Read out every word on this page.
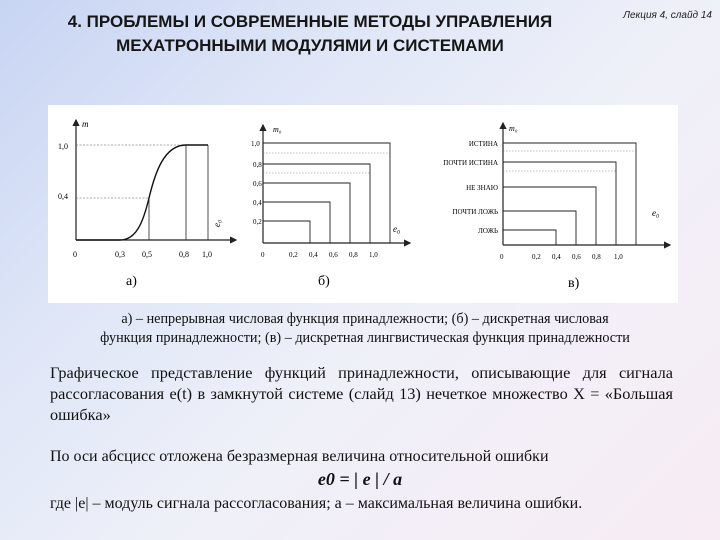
4. ПРОБЛЕМЫ И СОВРЕМЕННЫЕ МЕТОДЫ УПРАВЛЕНИЯ
МЕХАТРОННЫМИ МОДУЛЯМИ И СИСТЕМАМИ
Лекция 4, слайд 14
m
e₀
1,0
0,4
0	0,3 0,5	0,8 1,0
а)
m₀
e₀
1,0
0,8
0,6
0,4
0,2
0	0,2 0,4 0,6 0,8 1,0
б)
m₀
e₀
ИСТИНА
ПОЧТИ ИСТИНА
НЕ ЗНАЮ
ПОЧТИ ЛОЖЬ
ЛОЖЬ
0	0,2 0,4 0,6 0,8 1,0
в)
а) – непрерывная числовая функция принадлежности; (б) – дискретная числовая
функция принадлежности; (в) – дискретная лингвистическая функция принадлежности
Графическое представление функций принадлежности, описывающие для сигнала рассогласования e(t) в замкнутой системе (слайд 13) нечеткое множество X = «Большая ошибка»
По оси абсцисс отложена безразмерная величина относительной ошибки
e0 = | e | / a
где |e| – модуль сигнала рассогласования; a – максимальная величина ошибки.
